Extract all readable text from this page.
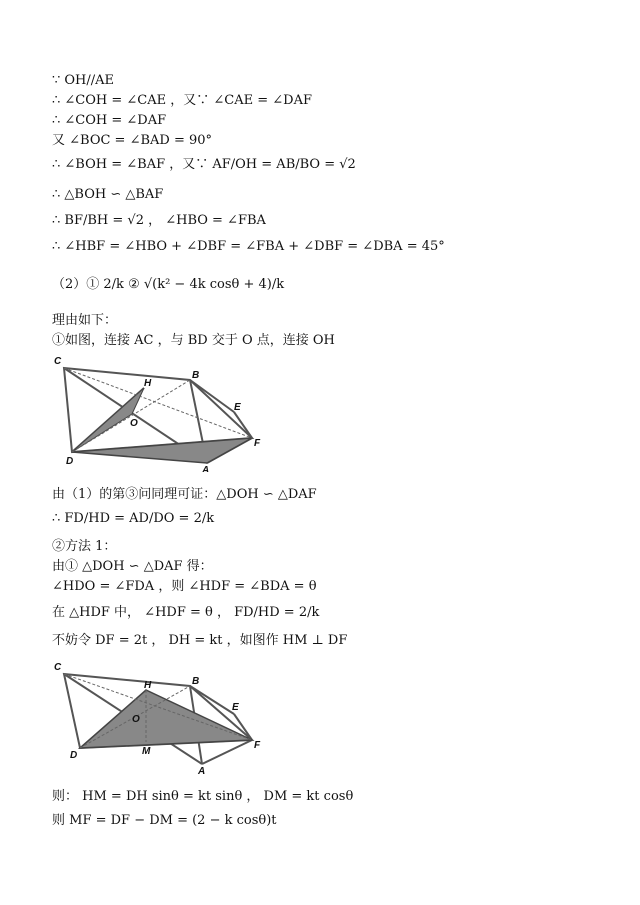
∵ OH//AE
∴ ∠COH = ∠CAE ，又∵ ∠CAE = ∠DAF
∴ ∠COH = ∠DAF
又 ∠BOC = ∠BAD = 90°
∴ ∠BOH = ∠BAF ，又∵ AF/OH = AB/BO = √2
∴ △BOH ∽ △BAF
∴ BF/BH = √2 ， ∠HBO = ∠FBA
∴ ∠HBF = ∠HBO + ∠DBF = ∠FBA + ∠DBF = ∠DBA = 45°
（2）① 2/k ② √(k² − 4k cosθ + 4)/k
理由如下：
①如图，连接 AC ，与 BD 交于 O 点，连接 OH
C
H
B
E
O
D
A
F
由（1）的第③问同理可证：△DOH ∽ △DAF
∴ FD/HD = AD/DO = 2/k
②方法 1：
由① △DOH ∽ △DAF 得：
∠HDO = ∠FDA ，则 ∠HDF = ∠BDA = θ
在 △HDF 中， ∠HDF = θ ， FD/HD = 2/k
不妨令 DF = 2t ， DH = kt ，如图作 HM ⊥ DF
C
H	B
E
O
D	M
A
F
则： HM = DH sinθ = kt sinθ ， DM = kt cosθ
则 MF = DF − DM = (2 − k cosθ)t
